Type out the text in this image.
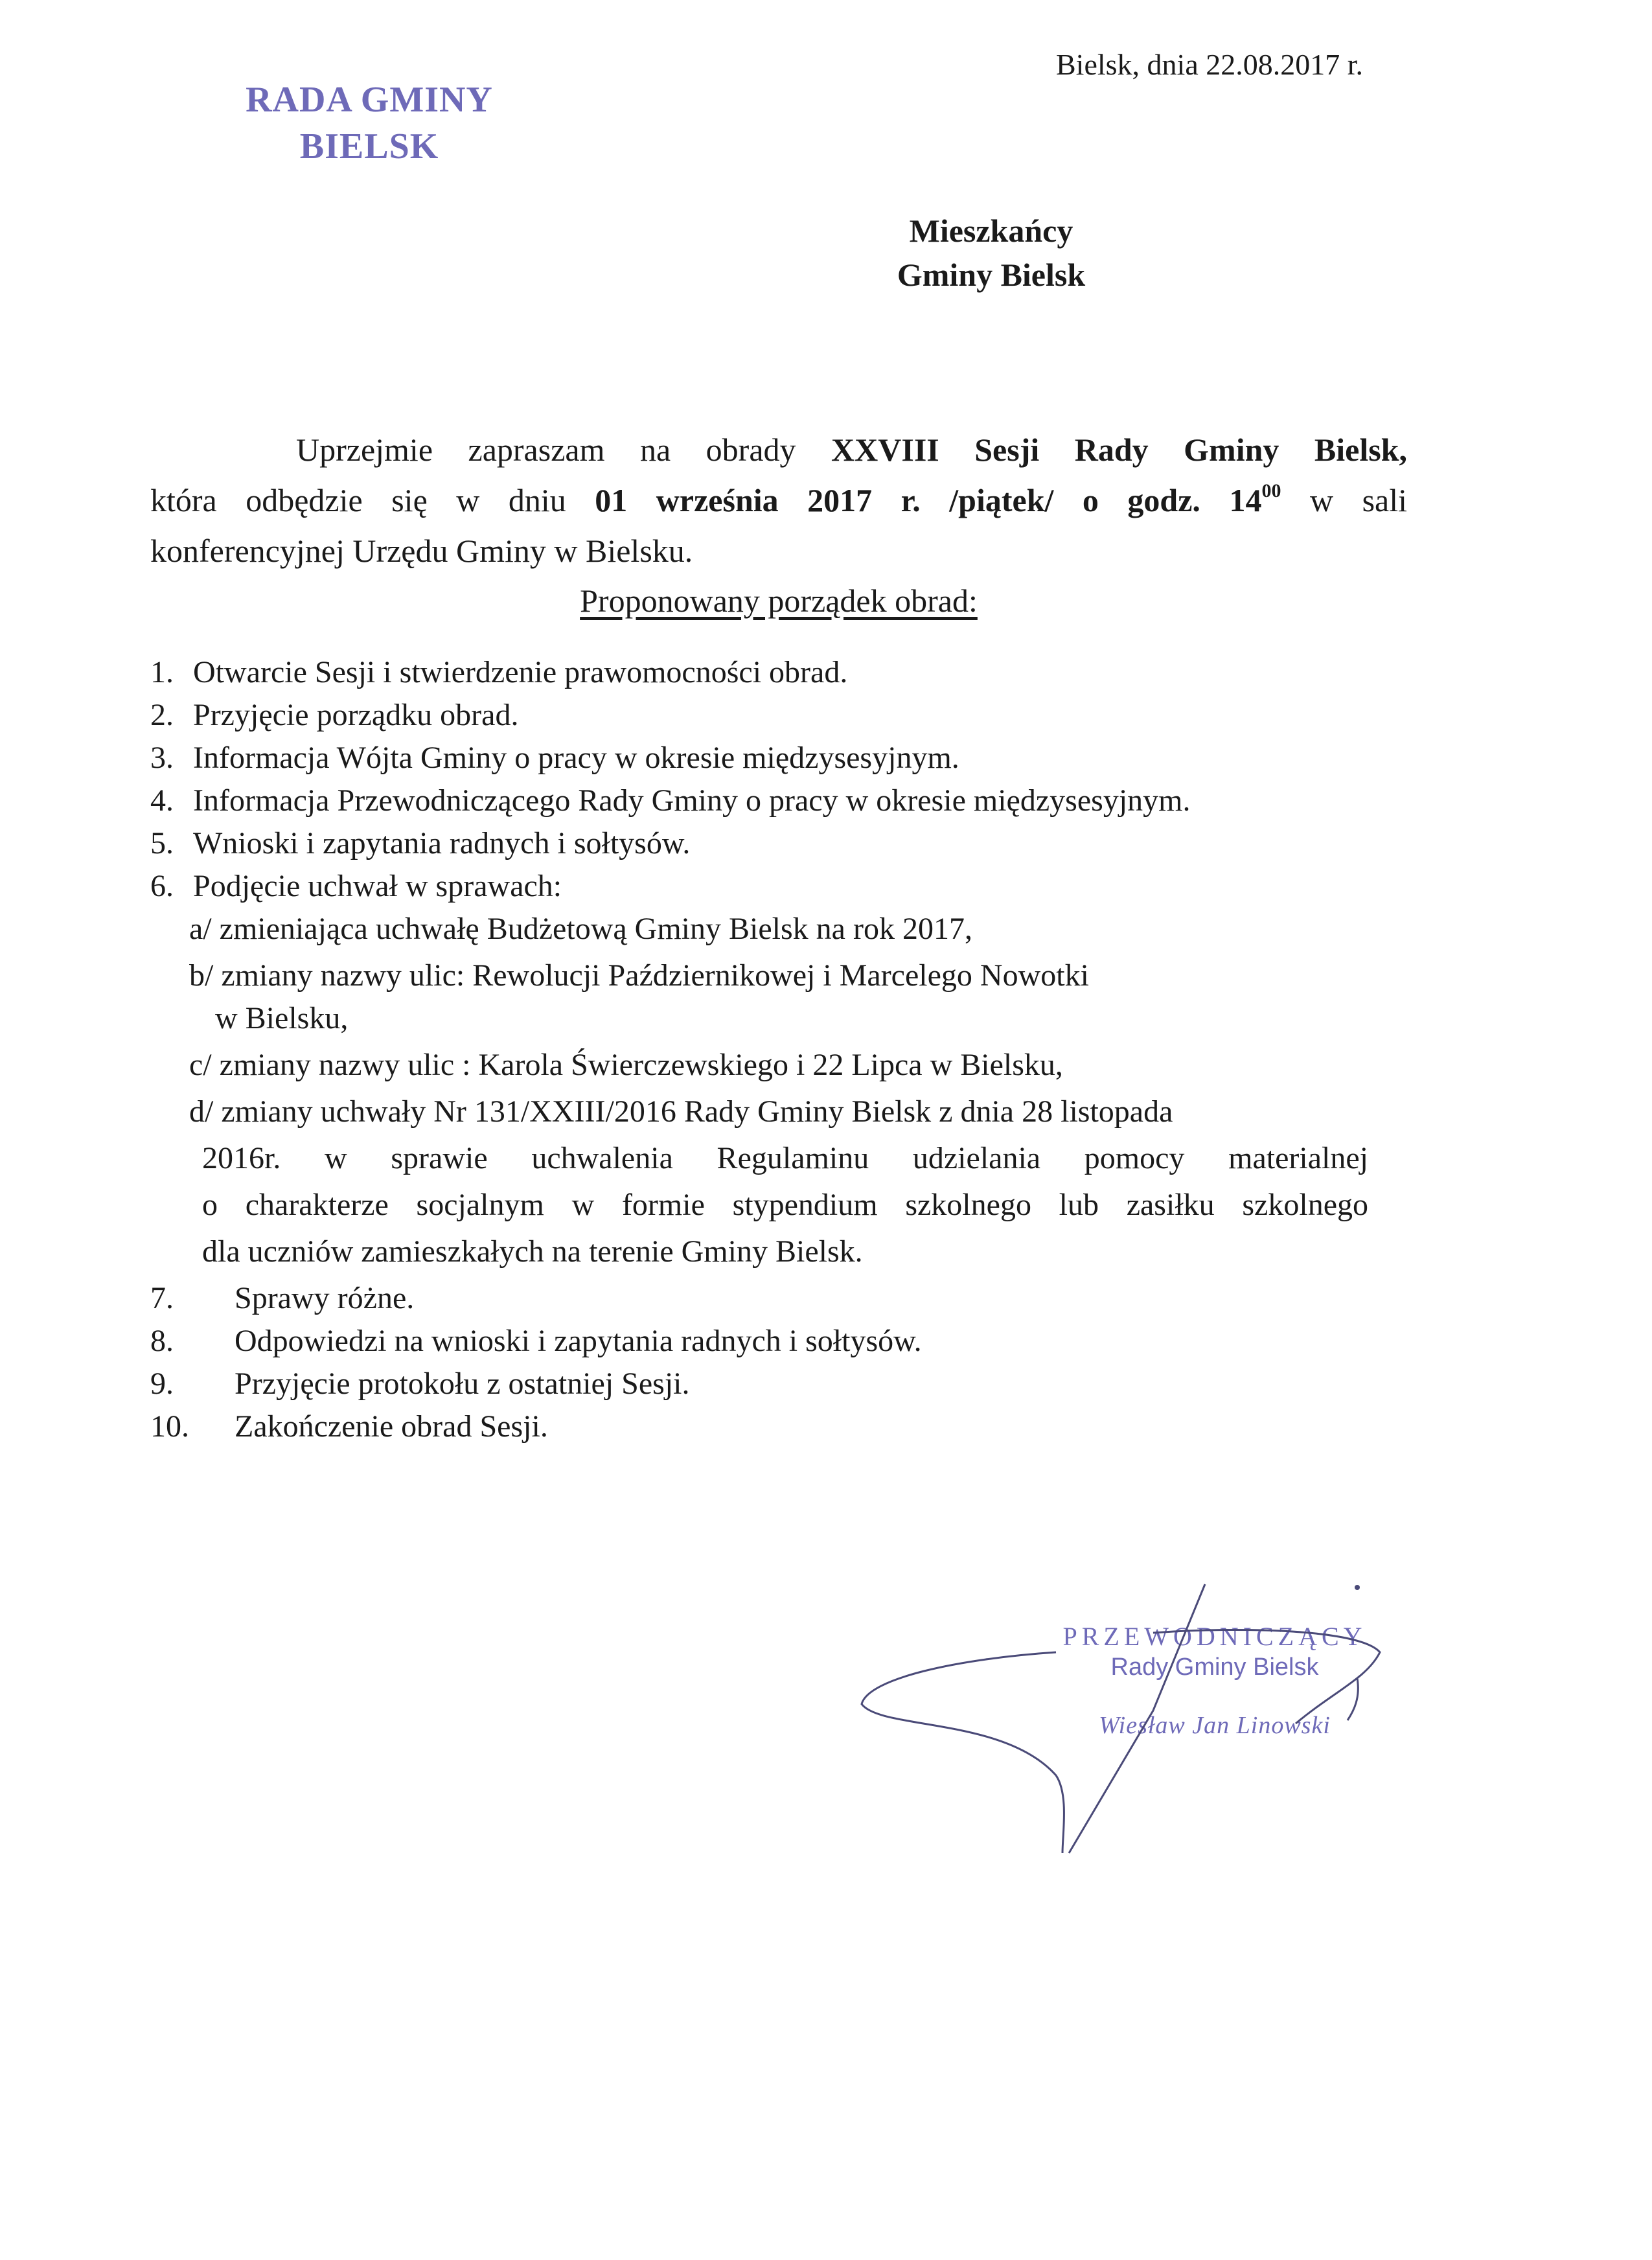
RADA GMINY
BIELSK
Bielsk, dnia 22.08.2017 r.
Mieszkańcy
Gminy Bielsk
Uprzejmie zapraszam na obrady XXVIII Sesji Rady Gminy Bielsk,
która odbędzie się w dniu 01 września 2017 r. /piątek/ o godz. $14^{00}$ w sali
konferencyjnej Urzędu Gminy w Bielsku.
Proponowany porządek obrad:
1. Otwarcie Sesji i stwierdzenie prawomocności obrad.
2. Przyjęcie porządku obrad.
3. Informacja Wójta Gminy o pracy w okresie międzysesyjnym.
4. Informacja Przewodniczącego Rady Gminy o pracy w okresie międzysesyjnym.
5. Wnioski i zapytania radnych i sołtysów.
6. Podjęcie uchwał w sprawach:
a/ zmieniająca uchwałę Budżetową Gminy Bielsk na rok 2017,
b/ zmiany nazwy ulic: Rewolucji Październikowej i Marcelego Nowotki
w Bielsku,
c/ zmiany nazwy ulic : Karola Świerczewskiego i 22 Lipca w Bielsku,
d/ zmiany uchwały Nr 131/XXIII/2016 Rady Gminy Bielsk z dnia 28 listopada
2016r. w sprawie uchwalenia Regulaminu udzielania pomocy materialnej
o charakterze socjalnym w formie stypendium szkolnego lub zasiłku szkolnego
dla uczniów zamieszkałych na terenie Gminy Bielsk.
7.	Sprawy różne.
8.	Odpowiedzi na wnioski i zapytania radnych i sołtysów.
9.	Przyjęcie protokołu z ostatniej Sesji.
10.	Zakończenie obrad Sesji.
PRZEWODNICZĄCY
Rady Gminy Bielsk
Wiesław Jan Linowski
